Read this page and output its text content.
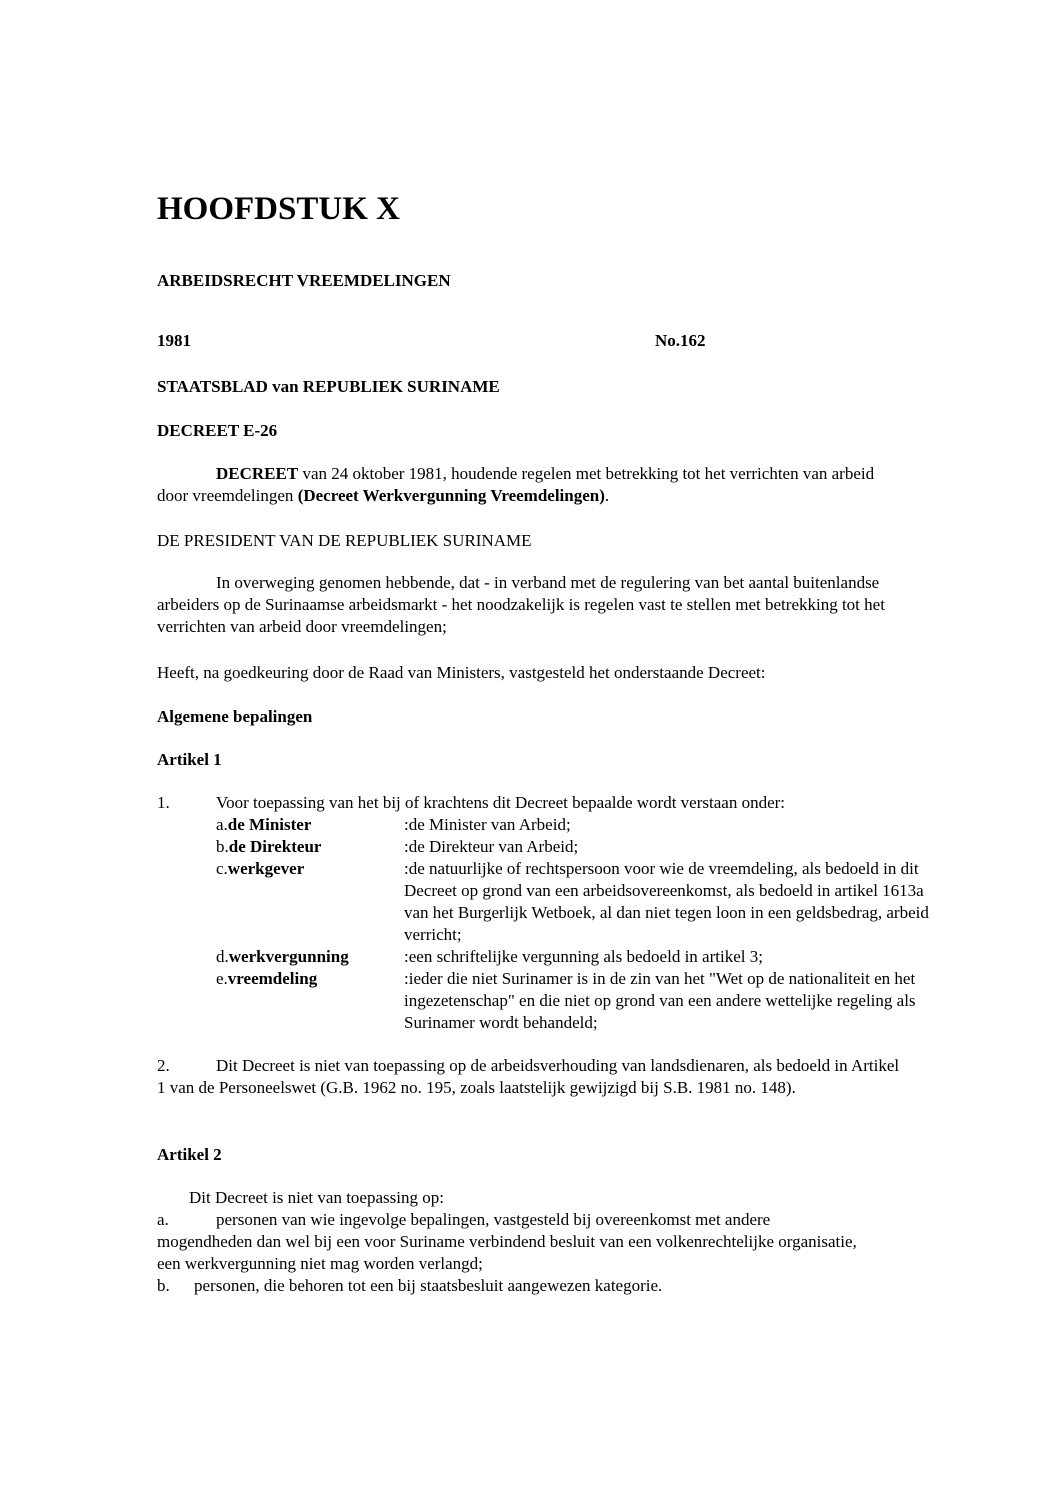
HOOFDSTUK X
ARBEIDSRECHT VREEMDELINGEN
1981	No.162
STAATSBLAD van REPUBLIEK SURINAME
DECREET E-26
DECREET van 24 oktober 1981, houdende regelen met betrekking tot het verrichten van arbeid door vreemdelingen (Decreet Werkvergunning Vreemdelingen).
DE PRESIDENT VAN DE REPUBLIEK SURINAME
In overweging genomen hebbende, dat - in verband met de regulering van bet aantal buitenlandse arbeiders op de Surinaamse arbeidsmarkt - het noodzakelijk is regelen vast te stellen met betrekking tot het verrichten van arbeid door vreemdelingen;
Heeft, na goedkeuring door de Raad van Ministers, vastgesteld het onderstaande Decreet:
Algemene bepalingen
Artikel 1
1.	Voor toepassing van het bij of krachtens dit Decreet bepaalde wordt verstaan onder:
a.de Minister	:de Minister van Arbeid;
b.de Direkteur	:de Direkteur van Arbeid;
c.werkgever	:de natuurlijke of rechtspersoon voor wie de vreemdeling, als bedoeld in dit Decreet op grond van een arbeidsovereenkomst, als bedoeld in artikel 1613a van het Burgerlijk Wetboek, al dan niet tegen loon in een geldsbedrag, arbeid verricht;
d.werkvergunning	:een schriftelijke vergunning als bedoeld in artikel 3;
e.vreemdeling	:ieder die niet Surinamer is in de zin van het "Wet op de nationaliteit en het ingezetenschap" en die niet op grond van een andere wettelijke regeling als Surinamer wordt behandeld;
2.	Dit Decreet is niet van toepassing op de arbeidsverhouding van landsdienaren, als bedoeld in Artikel 1 van de Personeelswet (G.B. 1962 no. 195, zoals laatstelijk gewijzigd bij S.B. 1981 no. 148).
Artikel 2
Dit Decreet is niet van toepassing op:
a.	personen van wie ingevolge bepalingen, vastgesteld bij overeenkomst met andere mogendheden dan wel bij een voor Suriname verbindend besluit van een volkenrechtelijke organisatie, een werkvergunning niet mag worden verlangd;
b. personen, die behoren tot een bij staatsbesluit aangewezen kategorie.
